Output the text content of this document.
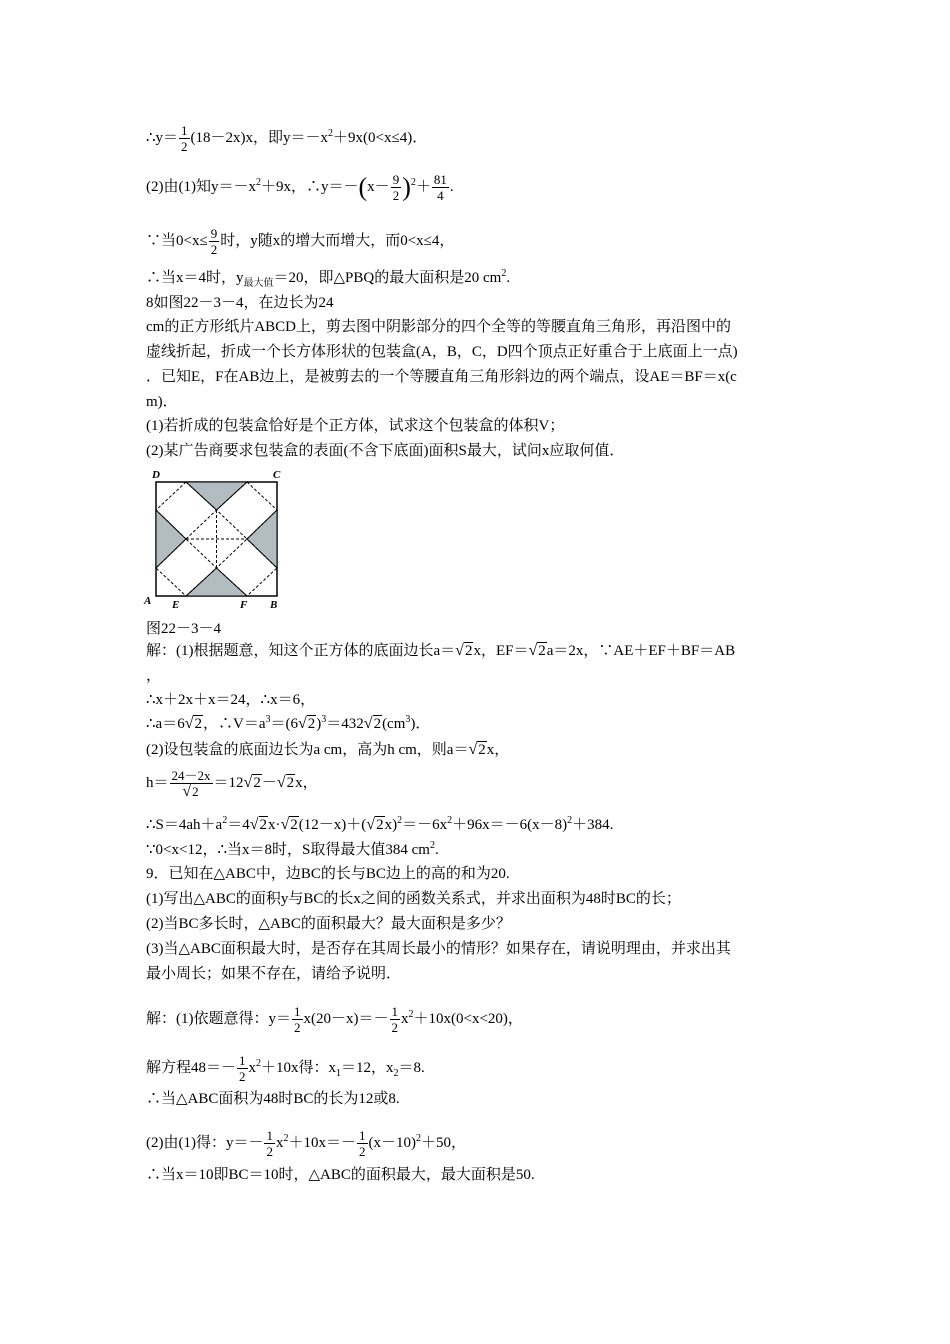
∴y＝ $\frac{1}{2} (18-2x)x$，即$y=-x^2+9x(0<x\le 4)$．
(2)由(1)知$y=-x^2+9x$，∴y＝－(x－ $\frac{9}{2} )^2+ \frac{81}{4}$ .
∵当$0<x\le \frac{9}{2}$ 时，y随x的增大而增大，而0<x≤4，
∴当x＝4时，$y_{最大值}=20$，即△PBQ的最大面积是20 $cm^2$.
8如图22－3－4，在边长为24
cm的正方形纸片ABCD上，剪去图中阴影部分的四个全等的等腰直角三角形，再沿图中的
虚线折起，折成一个长方体形状的包装盒(A，B，C，D四个顶点正好重合于上底面上一点)
．已知E，F在AB边上，是被剪去的一个等腰直角三角形斜边的两个端点，设AE＝BF＝x(c
m)．
(1)若折成的包装盒恰好是个正方体，试求这个包装盒的体积V；
(2)某广告商要求包装盒的表面(不含下底面)面积S最大，试问x应取何值．
D	C
A E	F B
图22－3－4
解：(1)根据题意，知这个正方体的底面边长a＝√2x，EF＝√2a＝2x，∵AE＋EF＋BF＝AB
，
∴x＋2x＋x＝24，∴x＝6，
∴a＝6√2，$\therefore V=a^3=(6√2)^3=432√2(cm^3)$．
(2)设包装盒的底面边长为a cm，高为h cm，则a＝√2x，
$h= \frac{24-2x}{√2} =12√2-√2x$，
$\therefore S=4ah+a^2=4√2x\cdot√2(12-x)+(√2x)^2=-6x^2+96x=-6(x-8)^2+384$.
∵0<x<12，∴当x＝8时，S取得最大值384 $cm^2$.
9．已知在△ABC中，边BC的长与BC边上的高的和为20.
(1)写出△ABC的面积y与BC的长x之间的函数关系式，并求出面积为48时BC的长；
(2)当BC多长时，△ABC的面积最大？最大面积是多少？
(3)当△ABC面积最大时，是否存在其周长最小的情形？如果存在，请说明理由，并求出其
最小周长；如果不存在，请给予说明．
解：(1)依题意得：$y= \frac{1}{2} x(20-x)=- \frac{1}{2} x^2+10x(0<x<20)$，
解方程$48=- \frac{1}{2} x^2+10x$得：$x_1=12$，$x_2=8$.
∴当△ABC面积为48时BC的长为12或8.
(2)由(1)得：$y=- \frac{1}{2} x^2+10x=- \frac{1}{2} (x-10)^2+50$，
∴当x＝10即BC＝10时，△ABC的面积最大，最大面积是50.
